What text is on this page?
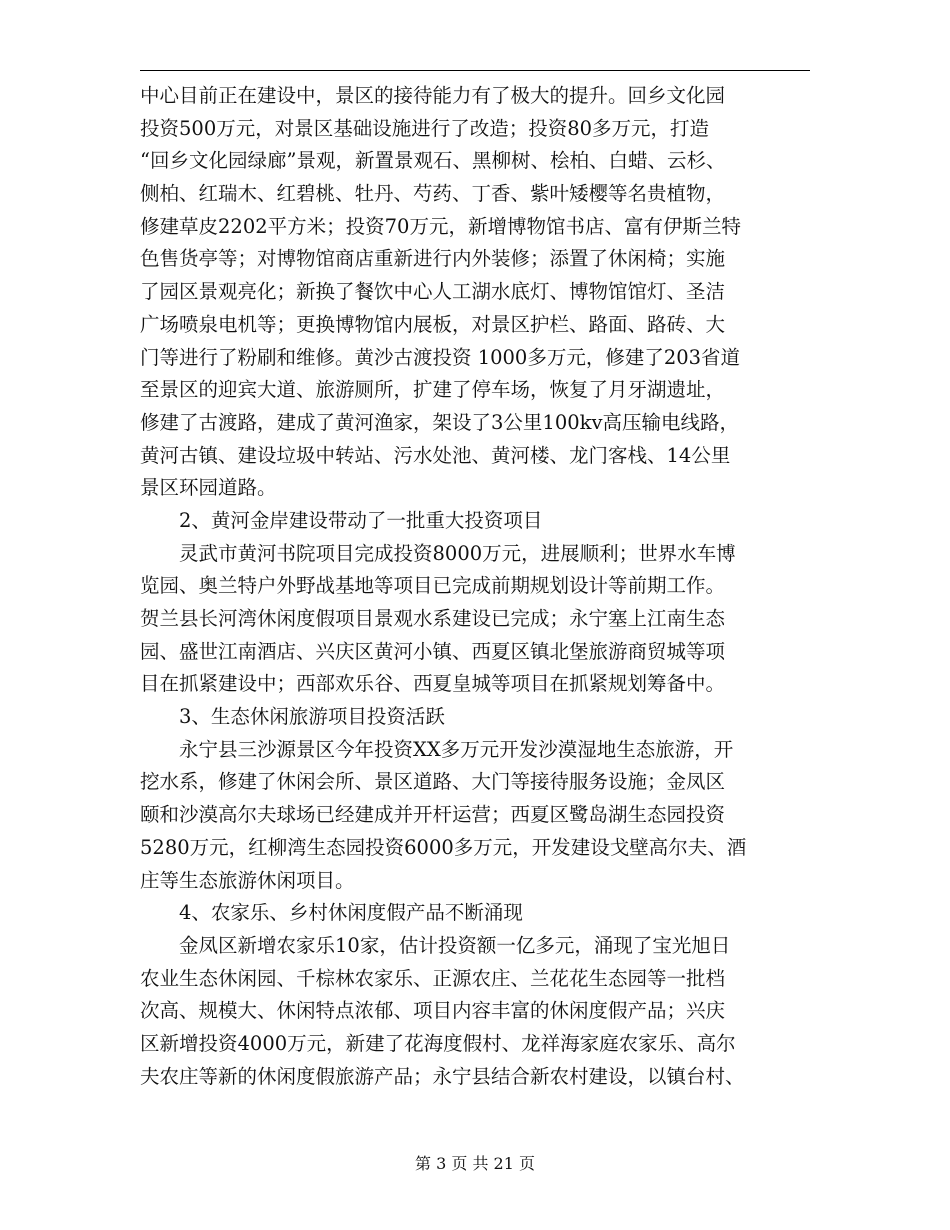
中心目前正在建设中，景区的接待能力有了极大的提升。回乡文化园
投资500万元，对景区基础设施进行了改造；投资80多万元，打造
“回乡文化园绿廊”景观，新置景观石、黑柳树、桧柏、白蜡、云杉、
侧柏、红瑞木、红碧桃、牡丹、芍药、丁香、紫叶矮樱等名贵植物，
修建草皮2202平方米；投资70万元，新增博物馆书店、富有伊斯兰特
色售货亭等；对博物馆商店重新进行内外装修；添置了休闲椅；实施
了园区景观亮化；新换了餐饮中心人工湖水底灯、博物馆馆灯、圣洁
广场喷泉电机等；更换博物馆内展板，对景区护栏、路面、路砖、大
门等进行了粉刷和维修。黄沙古渡投资 1000多万元，修建了203省道
至景区的迎宾大道、旅游厕所，扩建了停车场，恢复了月牙湖遗址，
修建了古渡路，建成了黄河渔家，架设了3公里100kv高压输电线路，
黄河古镇、建设垃圾中转站、污水处池、黄河楼、龙门客栈、14公里
景区环园道路。
2、黄河金岸建设带动了一批重大投资项目
灵武市黄河书院项目完成投资8000万元，进展顺利；世界水车博
览园、奥兰特户外野战基地等项目已完成前期规划设计等前期工作。
贺兰县长河湾休闲度假项目景观水系建设已完成；永宁塞上江南生态
园、盛世江南酒店、兴庆区黄河小镇、西夏区镇北堡旅游商贸城等项
目在抓紧建设中；西部欢乐谷、西夏皇城等项目在抓紧规划筹备中。
3、生态休闲旅游项目投资活跃
永宁县三沙源景区今年投资XX多万元开发沙漠湿地生态旅游，开
挖水系，修建了休闲会所、景区道路、大门等接待服务设施；金凤区
颐和沙漠高尔夫球场已经建成并开杆运营；西夏区鹭岛湖生态园投资
5280万元，红柳湾生态园投资6000多万元，开发建设戈壁高尔夫、酒
庄等生态旅游休闲项目。
4、农家乐、乡村休闲度假产品不断涌现
金凤区新增农家乐10家，估计投资额一亿多元，涌现了宝光旭日
农业生态休闲园、千棕林农家乐、正源农庄、兰花花生态园等一批档
次高、规模大、休闲特点浓郁、项目内容丰富的休闲度假产品；兴庆
区新增投资4000万元，新建了花海度假村、龙祥海家庭农家乐、高尔
夫农庄等新的休闲度假旅游产品；永宁县结合新农村建设，以镇台村、
第 3 页 共 21 页
